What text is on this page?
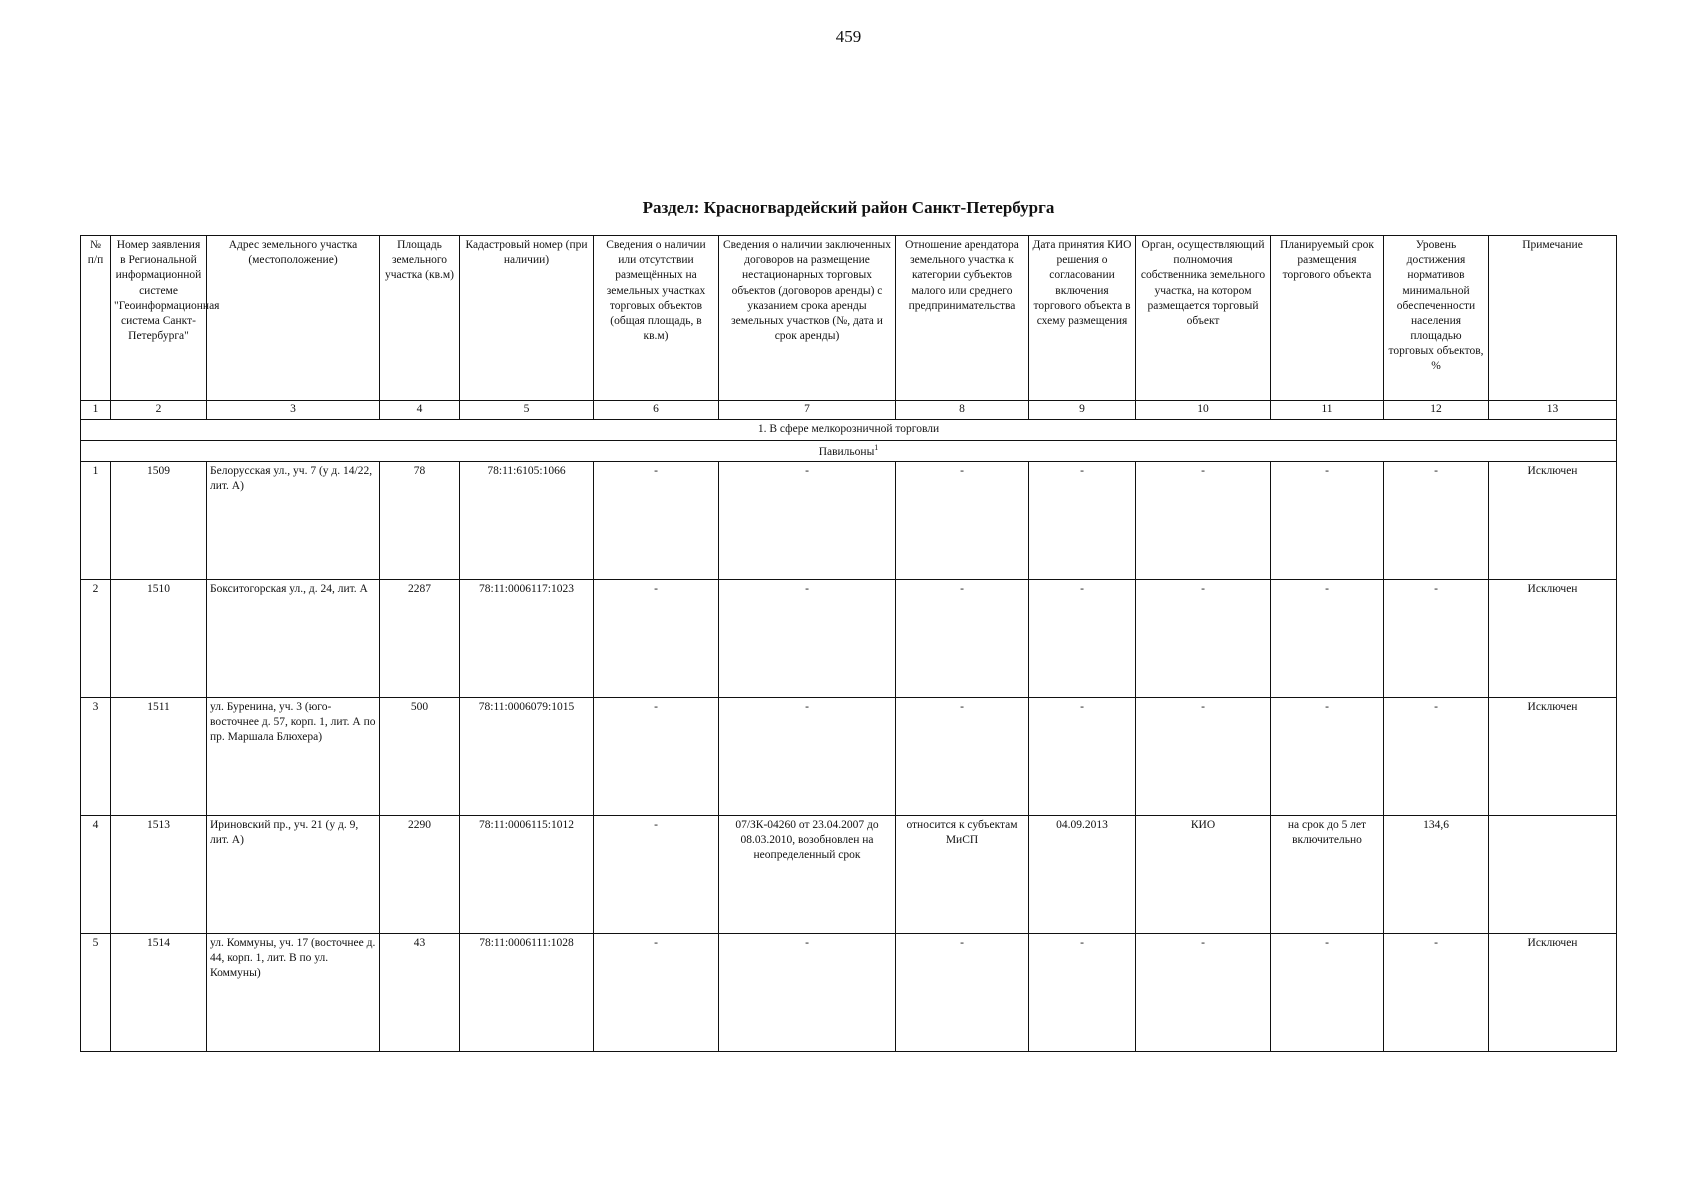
459
Раздел: Красногвардейский район Санкт-Петербурга
№ п/п	Номер заявления в Региональной информационной системе "Геоинформационная система Санкт-Петербурга"	Адрес земельного участка (местоположение)	Площадь земельного участка (кв.м)	Кадастровый номер (при наличии)	Сведения о наличии или отсутствии размещённых на земельных участках торговых объектов (общая площадь, в кв.м)	Сведения о наличии заключенных договоров на размещение нестационарных торговых объектов (договоров аренды) с указанием срока аренды земельных участков (№, дата и срок аренды)	Отношение арендатора земельного участка к категории субъектов малого или среднего предпринимательства	Дата принятия КИО решения о согласовании включения торгового объекта в схему размещения	Орган, осуществляющий полномочия собственника земельного участка, на котором размещается торговый объект	Планируемый срок размещения торгового объекта	Уровень достижения нормативов минимальной обеспеченности населения площадью торговых объектов, %	Примечание
1	2	3	4	5	6	7	8	9	10	11	12	13
1. В сфере мелкорозничной торговли												
Павильоны$^1$
1	1509	Белорусская ул., уч. 7 (у д. 14/22, лит. А)	78	78:11:6105:1066	-	-	-	-	-	-	-	Исключен
2	1510	Бокситогорская ул., д. 24, лит. А	2287	78:11:0006117:1023	-	-	-	-	-	-	-	Исключен
3	1511	ул. Буренина, уч. 3 (юго-восточнее д. 57, корп. 1, лит. А по пр. Маршала Блюхера)	500	78:11:0006079:1015	-	-	-	-	-	-	-	Исключен
4	1513	Ириновский пр., уч. 21 (у д. 9, лит. А)	2290	78:11:0006115:1012	-	07/ЗК-04260 от 23.04.2007 до 08.03.2010, возобновлен на неопределенный срок	относится к субъектам МиСП	04.09.2013	КИО	на срок до 5 лет включительно	134,6	
5	1514	ул. Коммуны, уч. 17 (восточнее д. 44, корп. 1, лит. В по ул. Коммуны)	43	78:11:0006111:1028	-	-	-	-	-	-	-	Исключен
